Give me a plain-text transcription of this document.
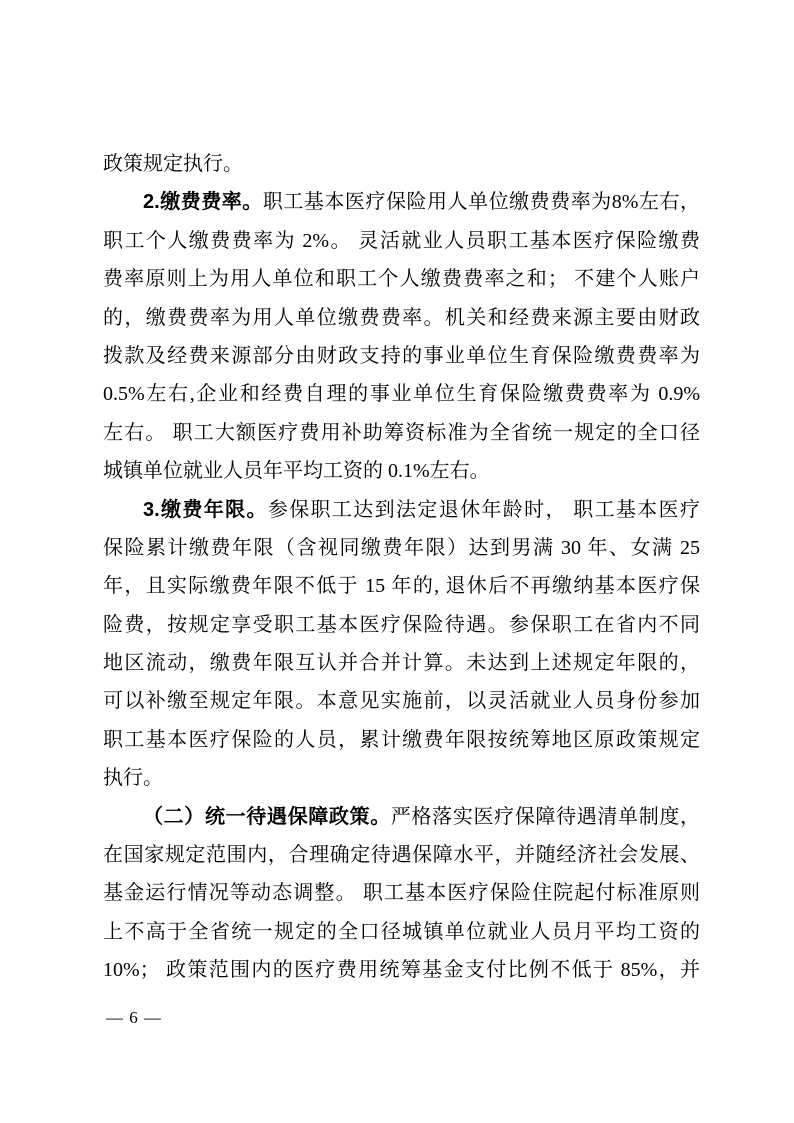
政策规定执行。
2.缴费费率。职工基本医疗保险用人单位缴费费率为8%左右，
职工个人缴费费率为 2%。 灵活就业人员职工基本医疗保险缴费
费率原则上为用人单位和职工个人缴费费率之和； 不建个人账户
的，缴费费率为用人单位缴费费率。机关和经费来源主要由财政
拨款及经费来源部分由财政支持的事业单位生育保险缴费费率为
0.5%左右,企业和经费自理的事业单位生育保险缴费费率为 0.9%
左右。 职工大额医疗费用补助筹资标准为全省统一规定的全口径
城镇单位就业人员年平均工资的 0.1%左右。
3.缴费年限。参保职工达到法定退休年龄时， 职工基本医疗
保险累计缴费年限（含视同缴费年限）达到男满 30 年、女满 25
年，且实际缴费年限不低于 15 年的, 退休后不再缴纳基本医疗保
险费，按规定享受职工基本医疗保险待遇。参保职工在省内不同
地区流动，缴费年限互认并合并计算。未达到上述规定年限的，
可以补缴至规定年限。本意见实施前，以灵活就业人员身份参加
职工基本医疗保险的人员，累计缴费年限按统筹地区原政策规定
执行。
（二）统一待遇保障政策。严格落实医疗保障待遇清单制度，
在国家规定范围内，合理确定待遇保障水平，并随经济社会发展、
基金运行情况等动态调整。 职工基本医疗保险住院起付标准原则
上不高于全省统一规定的全口径城镇单位就业人员月平均工资的
10%； 政策范围内的医疗费用统筹基金支付比例不低于 85%，并
— 6 —
